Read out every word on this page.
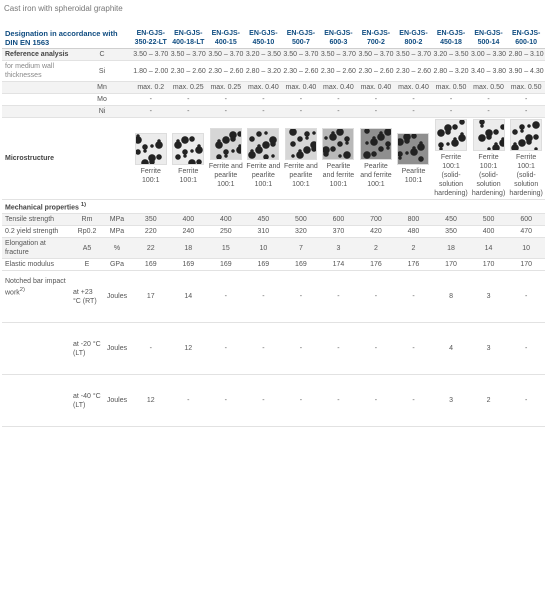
Cast iron with spheroidal graphite
Designation in accordance with DIN EN 1563			EN-GJS-350-22-LT	EN-GJS-400-18-LT	EN-GJS-400-15	EN-GJS-450-10	EN-GJS-500-7	EN-GJS-600-3	EN-GJS-700-2	EN-GJS-800-2	EN-GJS-450-18	EN-GJS-500-14	EN-GJS-600-10
Reference analysis	C		3.50 – 3.70	3.50 – 3.70	3.50 – 3.70	3.20 – 3.50	3.50 – 3.70	3.50 – 3.70	3.50 – 3.70	3.50 – 3.70	3.20 – 3.50	3.00 – 3.30	2.80 – 3.10
for medium wall thicknesses	Si		1.80 – 2.00	2.30 – 2.60	2.30 – 2.60	2.80 – 3.20	2.30 – 2.60	2.30 – 2.60	2.30 – 2.60	2.30 – 2.60	2.80 – 3.20	3.40 – 3.80	3.90 – 4.30
	Mn		max. 0.2	max. 0.25	max. 0.25	max. 0.40	max. 0.40	max. 0.40	max. 0.40	max. 0.40	max. 0.50	max. 0.50	max. 0.50
	Mo		-	-	-	-	-	-	-	-	-	-	-
	Ni		-	-	-	-	-	-	-	-	-	-	-
Microstructure			Ferrite 100:1	Ferrite 100:1	Ferrite and pearlite 100:1	Ferrite and pearlite 100:1	Ferrite and pearlite 100:1	Pearlite and ferrite 100:1	Pearlite and ferrite 100:1	Pearlite 100:1	Ferrite 100:1 (solid-solution hardening)	Ferrite 100:1 (solid-solution hardening)	Ferrite 100:1 (solid-solution hardening)

Mechanical properties $^{1)}$
Tensile strength	Rm	MPa	350	400	400	450	500	600	700	800	450	500	600
0.2 yield strength	Rp0.2	MPa	220	240	250	310	320	370	420	480	350	400	470
Elongation at fracture	A5	%	22	18	15	10	7	3	2	2	18	14	10
Elastic modulus	E	GPa	169	169	169	169	169	174	176	176	170	170	170
Notched bar impact work$^{2)}$	at +23 °C (RT)	Joules	17	14	-	-	-	-	-	-	8	3	-
	at -20 °C (LT)	Joules	-	12	-	-	-	-	-	-	4	3	-
	at -40 °C (LT)	Joules	12	-	-	-	-	-	-	-	3	2	-
